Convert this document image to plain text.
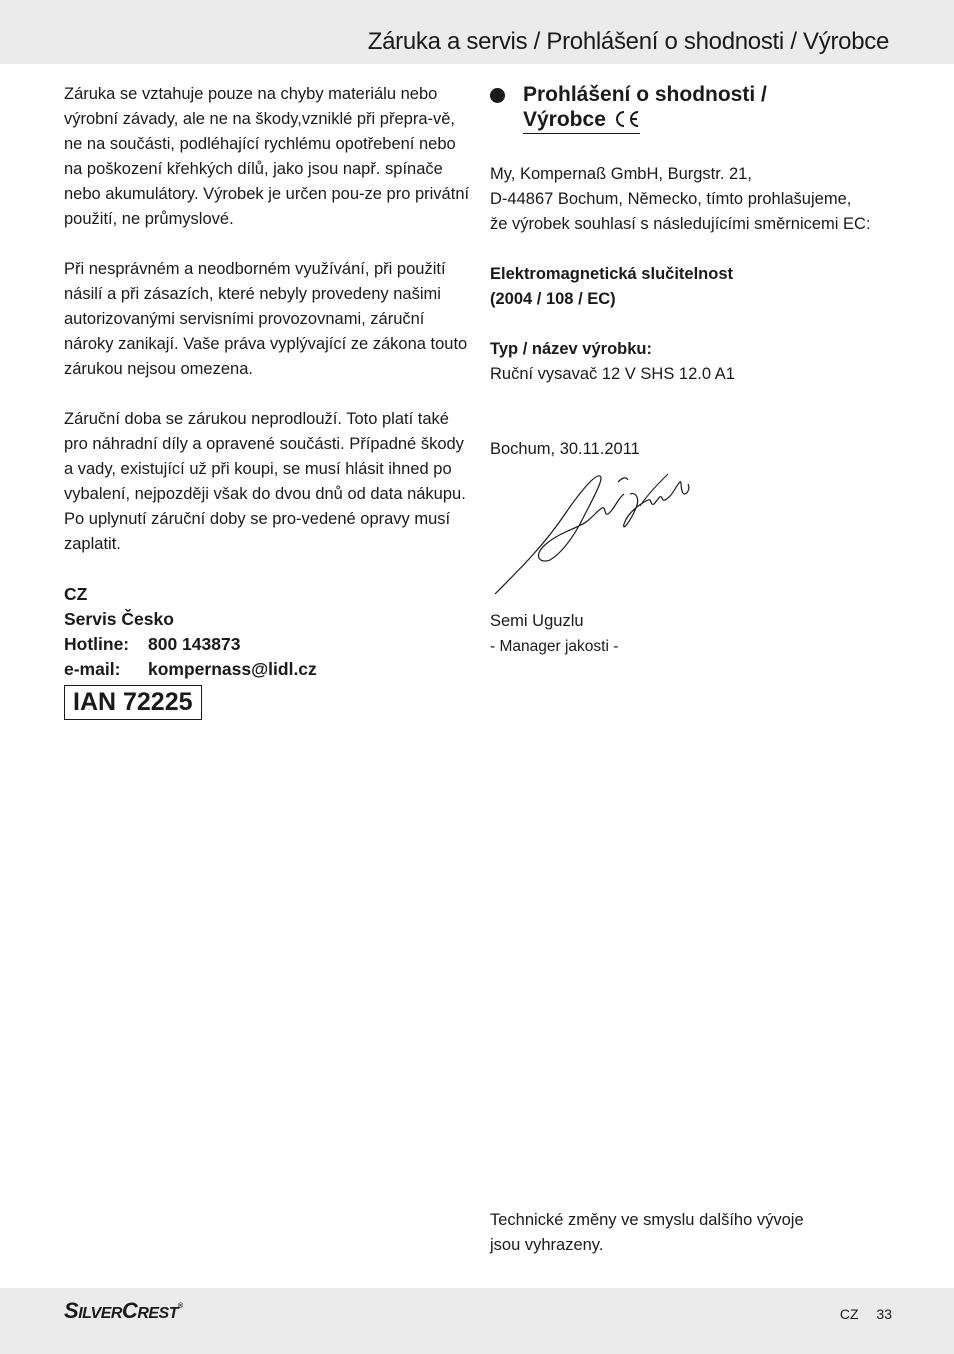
Záruka a servis / Prohlášení o shodnosti / Výrobce

Záruka se vztahuje pouze na chyby materiálu nebo výrobní závady, ale ne na škody,vzniklé při přepra-vě, ne na součásti, podléhající rychlému opotřebení nebo na poškození křehkých dílů, jako jsou např. spínače nebo akumulátory. Výrobek je určen pou-ze pro privátní použití, ne průmyslové.

Při nesprávném a neodborném využívání, při použití násilí a při zásazích, které nebyly provedeny našimi autorizovanými servisními provozovnami, záruční nároky zanikají. Vaše práva vyplývající ze zákona touto zárukou nejsou omezena.

Záruční doba se zárukou neprodlouží. Toto platí také pro náhradní díly a opravené součásti. Případné škody a vady, existující už při koupi, se musí hlásit ihned po vybalení, nejpozději však do dvou dnů od data nákupu. Po uplynutí záruční doby se pro-vedené opravy musí zaplatit.

CZ
Servis Česko
Hotline:	800 143873
e-mail:	kompernass@lidl.cz
IAN 72225
Prohlášení o shodnosti /
Výrobce

My, Kompernaß GmbH, Burgstr. 21,

D-44867 Bochum, Německo, tímto prohlašujeme,

že výrobek souhlasí s následujícími směrnicemi EC:

Elektromagnetická slučitelnost

(2004 / 108 / EC)

Typ / název výrobku:

Ruční vysavač 12 V SHS 12.0 A1

Bochum, 30.11.2011

Semi Uguzlu

- Manager jakosti -

Technické změny ve smyslu dalšího vývoje

jsou vyhrazeny.

SILVERCREST®	CZ 33
